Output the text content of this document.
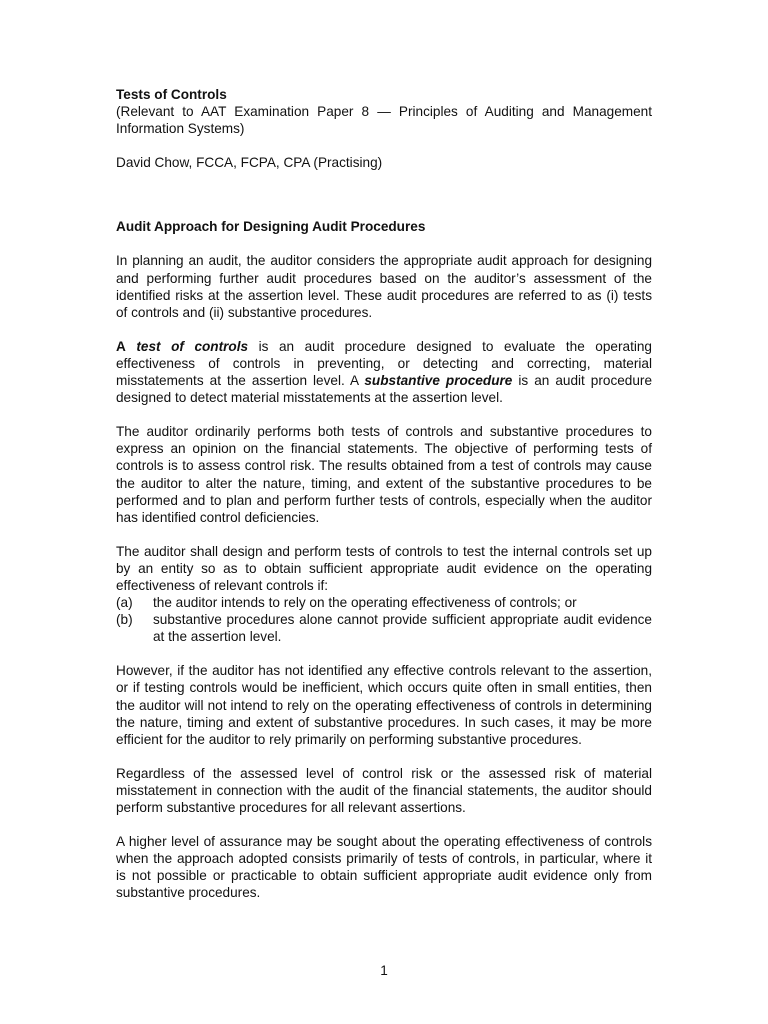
Tests of Controls

(Relevant to AAT Examination Paper 8 — Principles of Auditing and Management Information Systems)

David Chow, FCCA, FCPA, CPA (Practising)

Audit Approach for Designing Audit Procedures

In planning an audit, the auditor considers the appropriate audit approach for designing and performing further audit procedures based on the auditor’s assessment of the identified risks at the assertion level. These audit procedures are referred to as (i) tests of controls and (ii) substantive procedures.

A test of controls is an audit procedure designed to evaluate the operating effectiveness of controls in preventing, or detecting and correcting, material misstatements at the assertion level. A substantive procedure is an audit procedure designed to detect material misstatements at the assertion level.

The auditor ordinarily performs both tests of controls and substantive procedures to express an opinion on the financial statements. The objective of performing tests of controls is to assess control risk. The results obtained from a test of controls may cause the auditor to alter the nature, timing, and extent of the substantive procedures to be performed and to plan and perform further tests of controls, especially when the auditor has identified control deficiencies.

The auditor shall design and perform tests of controls to test the internal controls set up by an entity so as to obtain sufficient appropriate audit evidence on the operating effectiveness of relevant controls if:

(a)	the auditor intends to rely on the operating effectiveness of controls; or
(b)	substantive procedures alone cannot provide sufficient appropriate audit evidence at the assertion level.

However, if the auditor has not identified any effective controls relevant to the assertion, or if testing controls would be inefficient, which occurs quite often in small entities, then the auditor will not intend to rely on the operating effectiveness of controls in determining the nature, timing and extent of substantive procedures. In such cases, it may be more efficient for the auditor to rely primarily on performing substantive procedures.

Regardless of the assessed level of control risk or the assessed risk of material misstatement in connection with the audit of the financial statements, the auditor should perform substantive procedures for all relevant assertions.

A higher level of assurance may be sought about the operating effectiveness of controls when the approach adopted consists primarily of tests of controls, in particular, where it is not possible or practicable to obtain sufficient appropriate audit evidence only from substantive procedures.

1
